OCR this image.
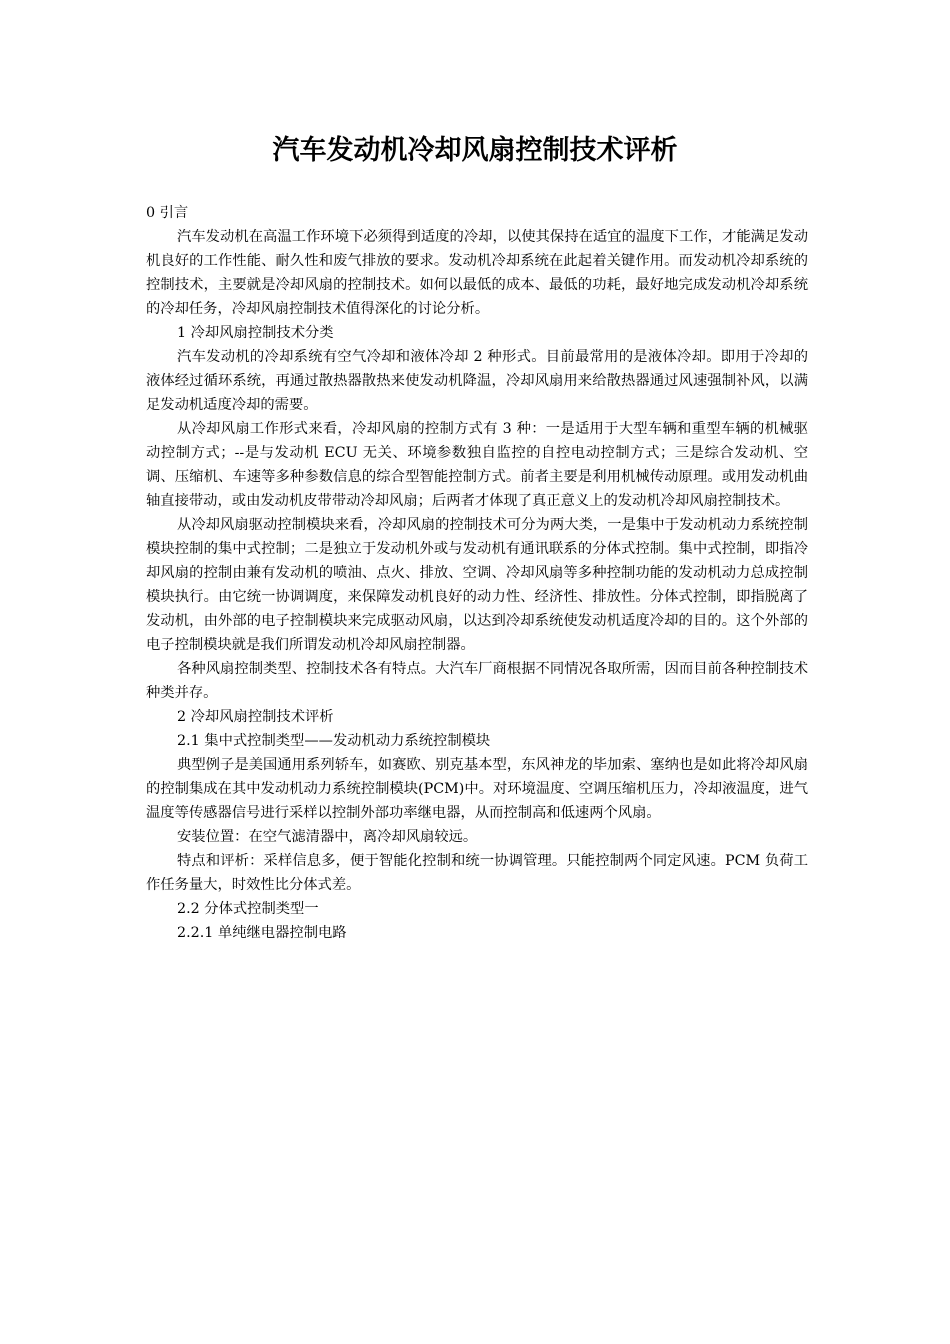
汽车发动机冷却风扇控制技术评析

0 引言

汽车发动机在高温工作环境下必须得到适度的冷却，以使其保持在适宜的温度下工作，才能满足发动机良好的工作性能、耐久性和废气排放的要求。发动机冷却系统在此起着关键作用。而发动机冷却系统的控制技术，主要就是冷却风扇的控制技术。如何以最低的成本、最低的功耗，最好地完成发动机冷却系统的冷却任务，冷却风扇控制技术值得深化的讨论分析。

1 冷却风扇控制技术分类

汽车发动机的冷却系统有空气冷却和液体冷却 2 种形式。目前最常用的是液体冷却。即用于冷却的液体经过循环系统，再通过散热器散热来使发动机降温，冷却风扇用来给散热器通过风速强制补风，以满足发动机适度冷却的需要。

从冷却风扇工作形式来看，冷却风扇的控制方式有 3 种：一是适用于大型车辆和重型车辆的机械驱动控制方式；--是与发动机 ECU 无关、环境参数独自监控的自控电动控制方式；三是综合发动机、空调、压缩机、车速等多种参数信息的综合型智能控制方式。前者主要是利用机械传动原理。或用发动机曲轴直接带动，或由发动机皮带带动冷却风扇；后两者才体现了真正意义上的发动机冷却风扇控制技术。

从冷却风扇驱动控制模块来看，冷却风扇的控制技术可分为两大类，一是集中于发动机动力系统控制模块控制的集中式控制；二是独立于发动机外或与发动机有通讯联系的分体式控制。集中式控制，即指冷却风扇的控制由兼有发动机的喷油、点火、排放、空调、冷却风扇等多种控制功能的发动机动力总成控制模块执行。由它统一协调调度，来保障发动机良好的动力性、经济性、排放性。分体式控制，即指脱离了发动机，由外部的电子控制模块来完成驱动风扇，以达到冷却系统使发动机适度冷却的目的。这个外部的电子控制模块就是我们所谓发动机冷却风扇控制器。

各种风扇控制类型、控制技术各有特点。大汽车厂商根据不同情况各取所需，因而目前各种控制技术种类并存。

2 冷却风扇控制技术评析

2.1 集中式控制类型——发动机动力系统控制模块

典型例子是美国通用系列轿车，如赛欧、别克基本型，东风神龙的毕加索、塞纳也是如此将冷却风扇的控制集成在其中发动机动力系统控制模块(PCM)中。对环境温度、空调压缩机压力，冷却液温度，进气温度等传感器信号进行采样以控制外部功率继电器，从而控制高和低速两个风扇。

安装位置：在空气滤清器中，离冷却风扇较远。

特点和评析：采样信息多，便于智能化控制和统一协调管理。只能控制两个同定风速。PCM 负荷工作任务量大，时效性比分体式差。

2.2 分体式控制类型一

2.2.1 单纯继电器控制电路
